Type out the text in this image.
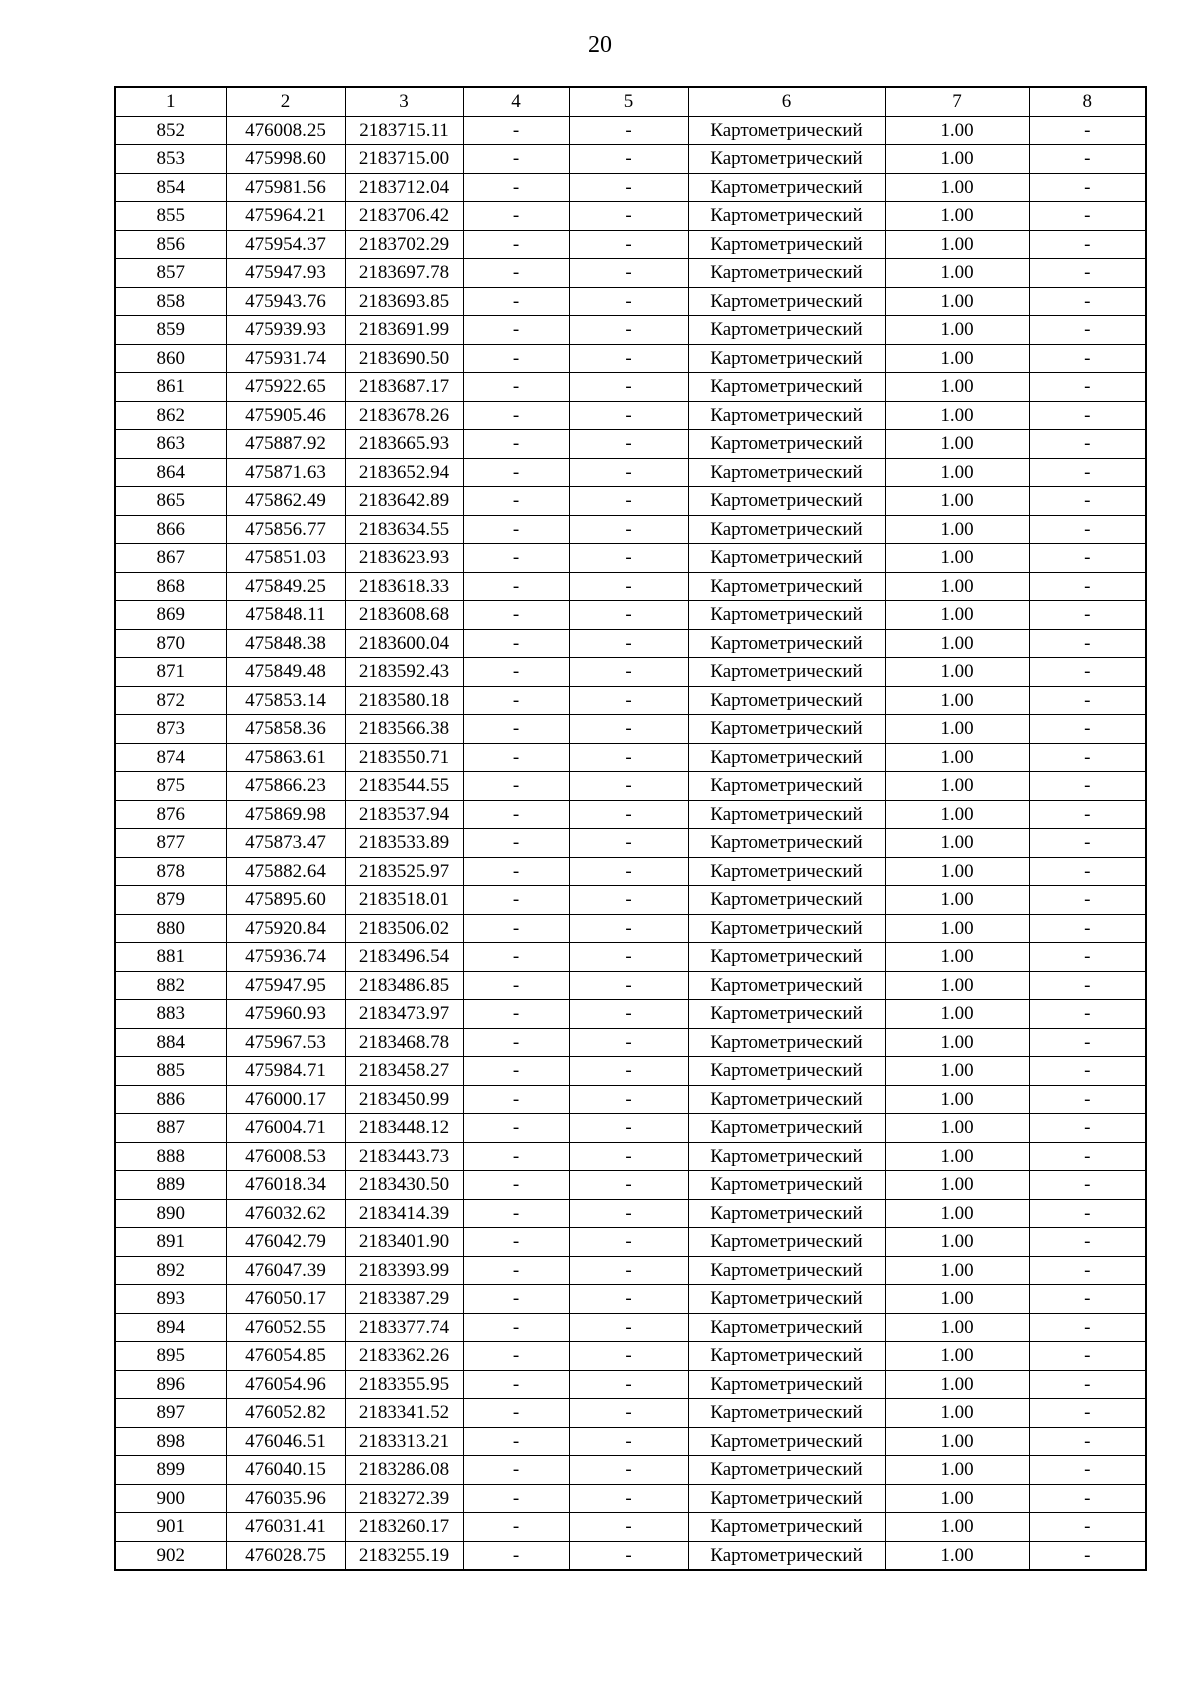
20
1	2	3	4	5	6	7	8
852	476008.25	2183715.11	-	-	Картометрический	1.00	-
853	475998.60	2183715.00	-	-	Картометрический	1.00	-
854	475981.56	2183712.04	-	-	Картометрический	1.00	-
855	475964.21	2183706.42	-	-	Картометрический	1.00	-
856	475954.37	2183702.29	-	-	Картометрический	1.00	-
857	475947.93	2183697.78	-	-	Картометрический	1.00	-
858	475943.76	2183693.85	-	-	Картометрический	1.00	-
859	475939.93	2183691.99	-	-	Картометрический	1.00	-
860	475931.74	2183690.50	-	-	Картометрический	1.00	-
861	475922.65	2183687.17	-	-	Картометрический	1.00	-
862	475905.46	2183678.26	-	-	Картометрический	1.00	-
863	475887.92	2183665.93	-	-	Картометрический	1.00	-
864	475871.63	2183652.94	-	-	Картометрический	1.00	-
865	475862.49	2183642.89	-	-	Картометрический	1.00	-
866	475856.77	2183634.55	-	-	Картометрический	1.00	-
867	475851.03	2183623.93	-	-	Картометрический	1.00	-
868	475849.25	2183618.33	-	-	Картометрический	1.00	-
869	475848.11	2183608.68	-	-	Картометрический	1.00	-
870	475848.38	2183600.04	-	-	Картометрический	1.00	-
871	475849.48	2183592.43	-	-	Картометрический	1.00	-
872	475853.14	2183580.18	-	-	Картометрический	1.00	-
873	475858.36	2183566.38	-	-	Картометрический	1.00	-
874	475863.61	2183550.71	-	-	Картометрический	1.00	-
875	475866.23	2183544.55	-	-	Картометрический	1.00	-
876	475869.98	2183537.94	-	-	Картометрический	1.00	-
877	475873.47	2183533.89	-	-	Картометрический	1.00	-
878	475882.64	2183525.97	-	-	Картометрический	1.00	-
879	475895.60	2183518.01	-	-	Картометрический	1.00	-
880	475920.84	2183506.02	-	-	Картометрический	1.00	-
881	475936.74	2183496.54	-	-	Картометрический	1.00	-
882	475947.95	2183486.85	-	-	Картометрический	1.00	-
883	475960.93	2183473.97	-	-	Картометрический	1.00	-
884	475967.53	2183468.78	-	-	Картометрический	1.00	-
885	475984.71	2183458.27	-	-	Картометрический	1.00	-
886	476000.17	2183450.99	-	-	Картометрический	1.00	-
887	476004.71	2183448.12	-	-	Картометрический	1.00	-
888	476008.53	2183443.73	-	-	Картометрический	1.00	-
889	476018.34	2183430.50	-	-	Картометрический	1.00	-
890	476032.62	2183414.39	-	-	Картометрический	1.00	-
891	476042.79	2183401.90	-	-	Картометрический	1.00	-
892	476047.39	2183393.99	-	-	Картометрический	1.00	-
893	476050.17	2183387.29	-	-	Картометрический	1.00	-
894	476052.55	2183377.74	-	-	Картометрический	1.00	-
895	476054.85	2183362.26	-	-	Картометрический	1.00	-
896	476054.96	2183355.95	-	-	Картометрический	1.00	-
897	476052.82	2183341.52	-	-	Картометрический	1.00	-
898	476046.51	2183313.21	-	-	Картометрический	1.00	-
899	476040.15	2183286.08	-	-	Картометрический	1.00	-
900	476035.96	2183272.39	-	-	Картометрический	1.00	-
901	476031.41	2183260.17	-	-	Картометрический	1.00	-
902	476028.75	2183255.19	-	-	Картометрический	1.00	-
